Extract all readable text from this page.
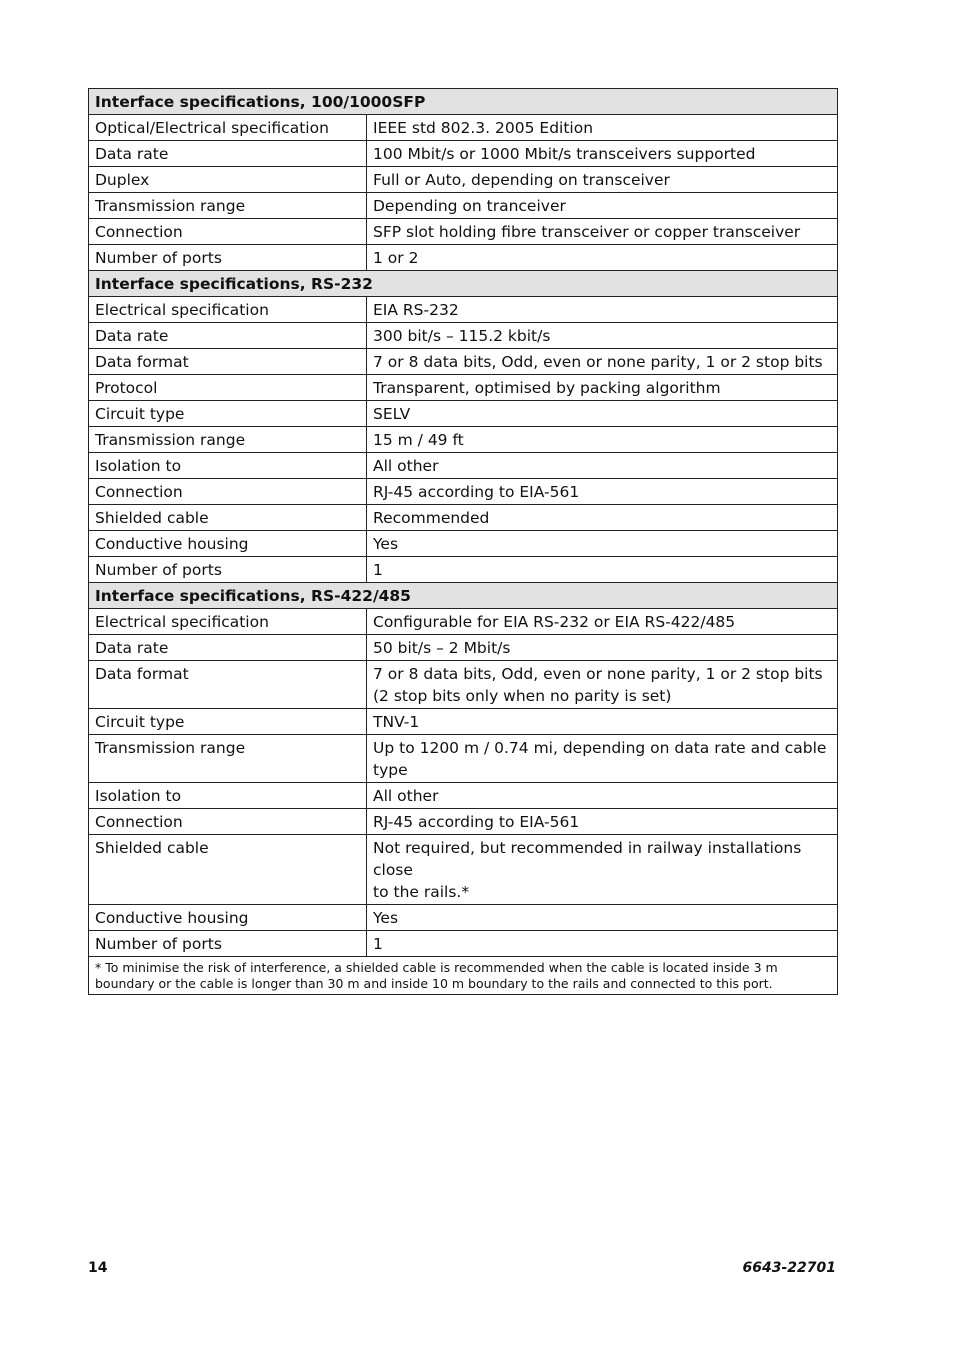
Interface specifications, 100/1000SFP	
Optical/Electrical specification	IEEE std 802.3. 2005 Edition
Data rate	100 Mbit/s or 1000 Mbit/s transceivers supported
Duplex	Full or Auto, depending on transceiver
Transmission range	Depending on tranceiver
Connection	SFP slot holding fibre transceiver or copper transceiver
Number of ports	1 or 2
Interface specifications, RS-232	
Electrical specification	EIA RS-232
Data rate	300 bit/s – 115.2 kbit/s
Data format	7 or 8 data bits, Odd, even or none parity, 1 or 2 stop bits
Protocol	Transparent, optimised by packing algorithm
Circuit type	SELV
Transmission range	15 m / 49 ft
Isolation to	All other
Connection	RJ-45 according to EIA-561
Shielded cable	Recommended
Conductive housing	Yes
Number of ports	1
Interface specifications, RS-422/485	
Electrical specification	Configurable for EIA RS-232 or EIA RS-422/485
Data rate	50 bit/s – 2 Mbit/s
Data format	7 or 8 data bits, Odd, even or none parity, 1 or 2 stop bits
(2 stop bits only when no parity is set)
Circuit type	TNV-1
Transmission range	Up to 1200 m / 0.74 mi, depending on data rate and cable
type
Isolation to	All other
Connection	RJ-45 according to EIA-561
Shielded cable	Not required, but recommended in railway installations close
to the rails.*
Conductive housing	Yes
Number of ports	1
* To minimise the risk of interference, a shielded cable is recommended when the cable is located inside 3 m boundary or the cable is longer than 30 m and inside 10 m boundary to the rails and connected to this port.	
14	6643-22701
